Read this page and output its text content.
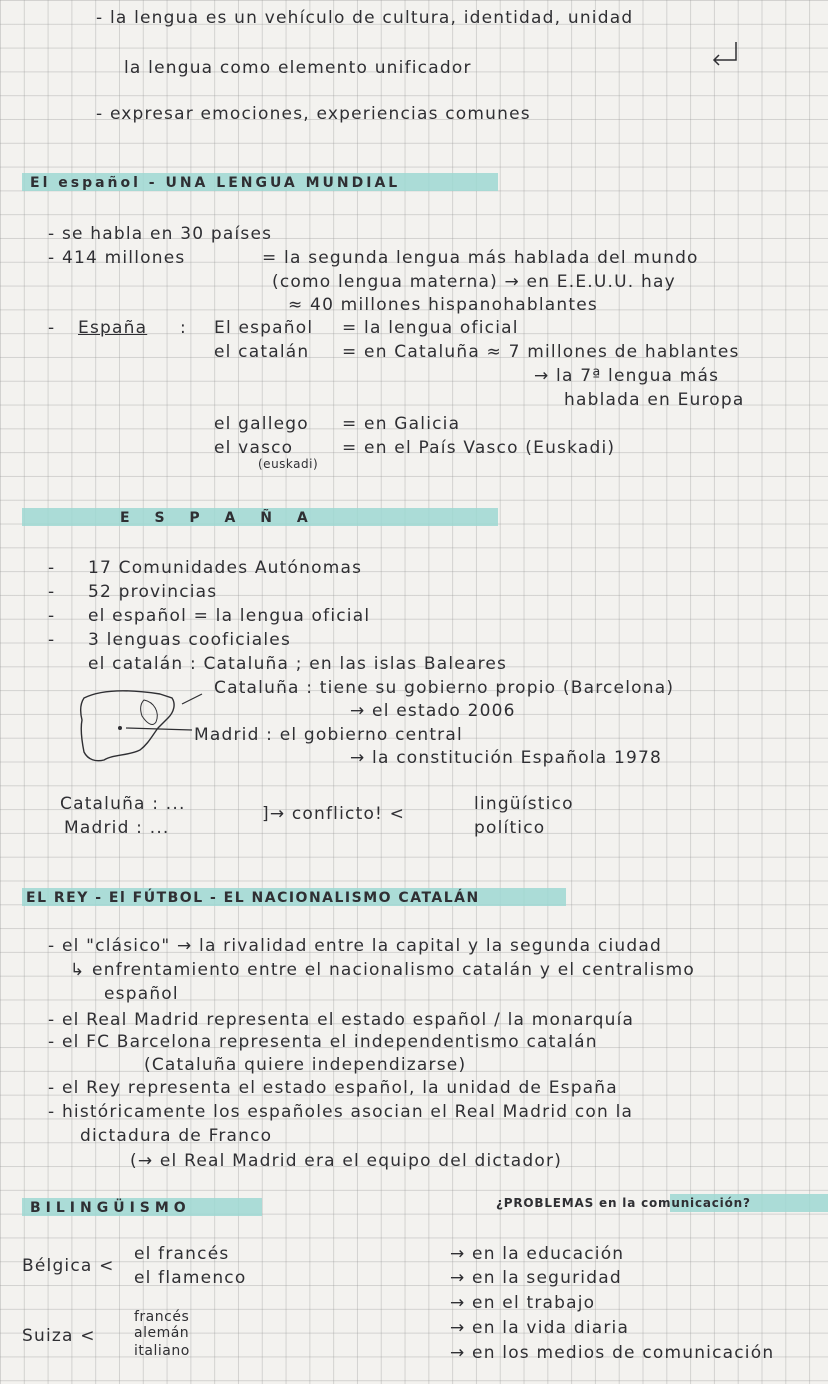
- la lengua es un vehículo de cultura, identidad, unidad
la lengua como elemento unificador
- expresar emociones, experiencias comunes
El español - UNA LENGUA MUNDIAL
- se habla en 30 países
- 414 millones	= la segunda lengua más hablada del mundo
(como lengua materna) → en E.E.U.U. hay
≈ 40 millones hispanohablantes
- España : El español = la lengua oficial
el catalán = en Cataluña ≈ 7 millones de hablantes
→ la 7ª lengua más
hablada en Europa
el gallego = en Galicia
el vasco	= en el País Vasco (Euskadi)
(euskadi)
E S P A Ñ A
-
-
-
-
17 Comunidades Autónomas
52 provincias
el español = la lengua oficial
3 lenguas cooficiales
el catalán : Cataluña ; en las islas Baleares
Cataluña : tiene su gobierno propio (Barcelona)
→ el estado 2006
Madrid : el gobierno central
→ la constitución Española 1978
Cataluña : ...
Madrid : ...
]→ conflicto! <	lingüístico
político
EL REY - El FÚTBOL - EL NACIONALISMO CATALÁN
- el "clásico" → la rivalidad entre la capital y la segunda ciudad
↳ enfrentamiento entre el nacionalismo catalán y el centralismo
español
- el Real Madrid representa el estado español / la monarquía
- el FC Barcelona representa el independentismo catalán
(Cataluña quiere independizarse)
- el Rey representa el estado español, la unidad de España
- históricamente los españoles asocian el Real Madrid con la
dictadura de Franco
(→ el Real Madrid era el equipo del dictador)
BILINGÜISMO	¿PROBLEMAS en la comunicación?
Bélgica <
el francés
el flamenco
Suiza <
francés
alemán
italiano
→ en la educación
→ en la seguridad
→ en el trabajo
→ en la vida diaria
→ en los medios de comunicación
